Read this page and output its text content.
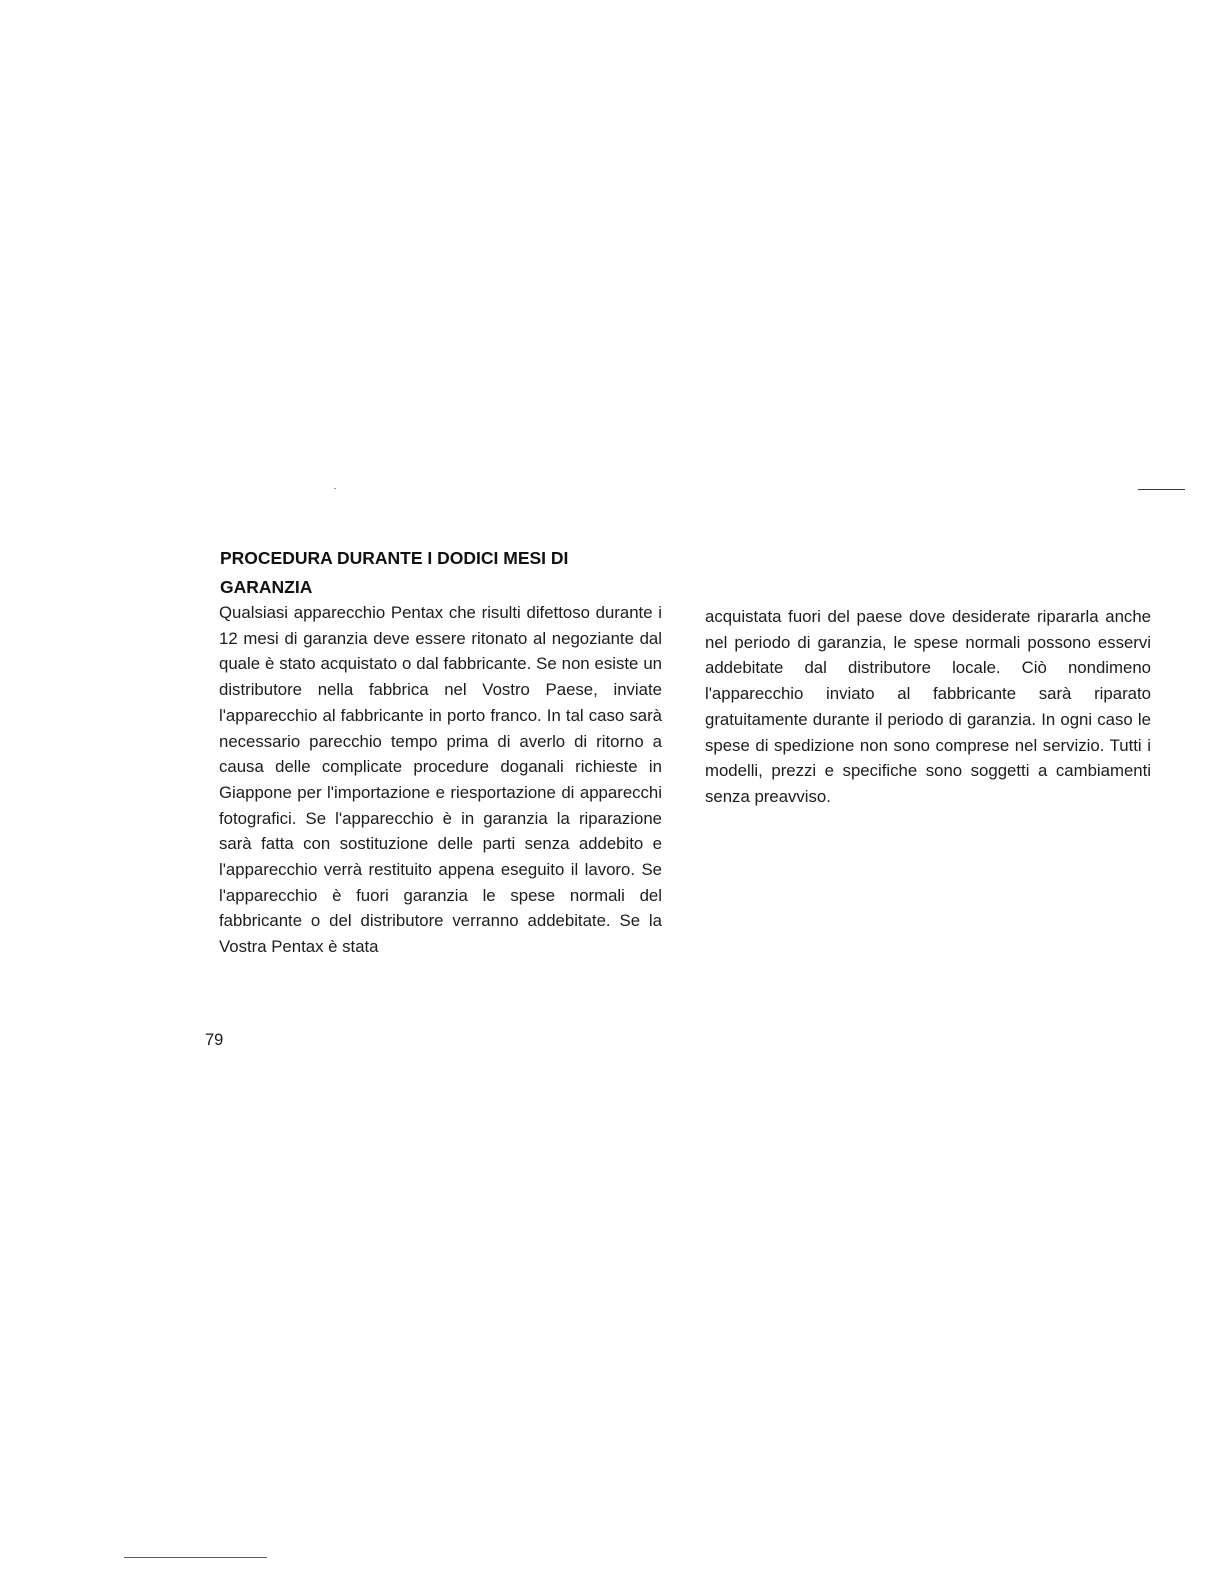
PROCEDURA DURANTE I DODICI MESI DI GARANZIA

Qualsiasi apparecchio Pentax che risulti difettoso durante i 12 mesi di garanzia deve essere ritonato al negoziante dal quale è stato acquistato o dal fabbricante. Se non esiste un distributore nella fabbrica nel Vostro Paese, inviate l'apparecchio al fabbricante in porto franco. In tal caso sarà necessario parecchio tempo prima di averlo di ritorno a causa delle complicate procedure doganali richieste in Giappone per l'importazione e riesportazione di apparecchi fotografici. Se l'apparecchio è in garanzia la riparazione sarà fatta con sostituzione delle parti senza addebito e l'apparecchio verrà restituito appena eseguito il lavoro. Se l'apparecchio è fuori garanzia le spese normali del fabbricante o del distributore verranno addebitate. Se la Vostra Pentax è stata

acquistata fuori del paese dove desiderate ripararla anche nel periodo di garanzia, le spese normali possono esservi addebitate dal distributore locale. Ciò nondimeno l'apparecchio inviato al fabbricante sarà riparato gratuitamente durante il periodo di garanzia. In ogni caso le spese di spedizione non sono comprese nel servizio. Tutti i modelli, prezzi e specifiche sono soggetti a cambiamenti senza preavviso.

79
